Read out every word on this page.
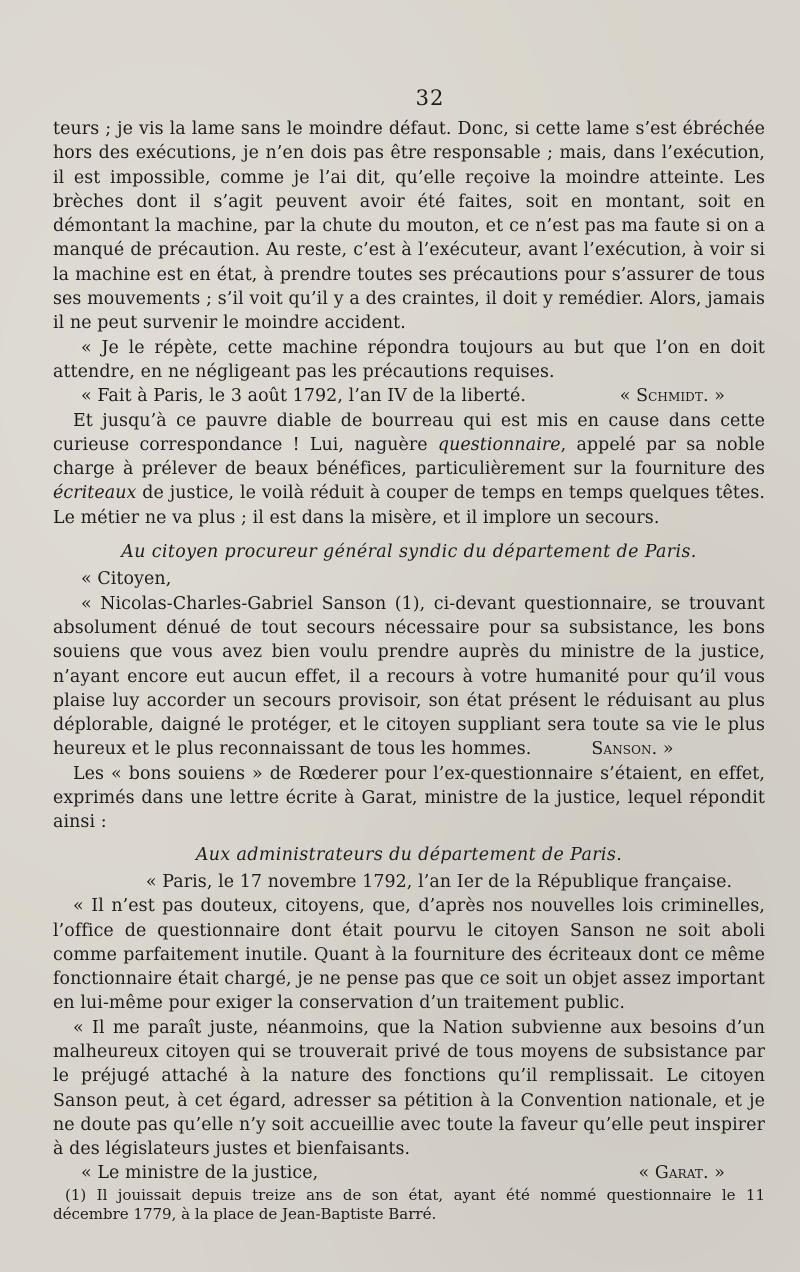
32

teurs ; je vis la lame sans le moindre défaut. Donc, si cette lame s’est ébréchée hors des exécutions, je n’en dois pas être responsable ; mais, dans l’exécution, il est impossible, comme je l’ai dit, qu’elle reçoive la moindre atteinte. Les brèches dont il s’agit peuvent avoir été faites, soit en montant, soit en démontant la machine, par la chute du mouton, et ce n’est pas ma faute si on a manqué de précaution. Au reste, c’est à l’exécuteur, avant l’exécution, à voir si la machine est en état, à prendre toutes ses précautions pour s’assurer de tous ses mouvements ; s’il voit qu’il y a des craintes, il doit y remédier. Alors, jamais il ne peut survenir le moindre accident.

« Je le répète, cette machine répondra toujours au but que l’on en doit attendre, en ne négligeant pas les précautions requises.

« Fait à Paris, le 3 août 1792, l’an IV de la liberté.	« Schmidt. »

Et jusqu’à ce pauvre diable de bourreau qui est mis en cause dans cette curieuse correspondance ! Lui, naguère questionnaire, appelé par sa noble charge à prélever de beaux bénéfices, particulièrement sur la fourniture des écriteaux de justice, le voilà réduit à couper de temps en temps quelques têtes. Le métier ne va plus ; il est dans la misère, et il implore un secours.

Au citoyen procureur général syndic du département de Paris.

« Citoyen,

« Nicolas-Charles-Gabriel Sanson (1), ci-devant questionnaire, se trouvant absolument dénué de tout secours nécessaire pour sa subsistance, les bons souiens que vous avez bien voulu prendre auprès du ministre de la justice, n’ayant encore eut aucun effet, il a recours à votre humanité pour qu’il vous plaise luy accorder un secours provisoir, son état présent le réduisant au plus déplorable, daigné le protéger, et le citoyen suppliant sera toute sa vie le plus heureux et le plus reconnaissant de tous les hommes.	Sanson. »

Les « bons souiens » de Rœderer pour l’ex-questionnaire s’étaient, en effet, exprimés dans une lettre écrite à Garat, ministre de la justice, lequel répondit ainsi :

Aux administrateurs du département de Paris.

« Paris, le 17 novembre 1792, l’an Ier de la République française.

« Il n’est pas douteux, citoyens, que, d’après nos nouvelles lois criminelles, l’office de questionnaire dont était pourvu le citoyen Sanson ne soit aboli comme parfaitement inutile. Quant à la fourniture des écriteaux dont ce même fonctionnaire était chargé, je ne pense pas que ce soit un objet assez important en lui-même pour exiger la conservation d’un traitement public.

« Il me paraît juste, néanmoins, que la Nation subvienne aux besoins d’un malheureux citoyen qui se trouverait privé de tous moyens de subsistance par le préjugé attaché à la nature des fonctions qu’il remplissait. Le citoyen Sanson peut, à cet égard, adresser sa pétition à la Convention nationale, et je ne doute pas qu’elle n’y soit accueillie avec toute la faveur qu’elle peut inspirer à des législateurs justes et bienfaisants.

« Le ministre de la justice,	« Garat. »
(1) Il jouissait depuis treize ans de son état, ayant été nommé questionnaire le 11 décembre 1779, à la place de Jean-Baptiste Barré.
